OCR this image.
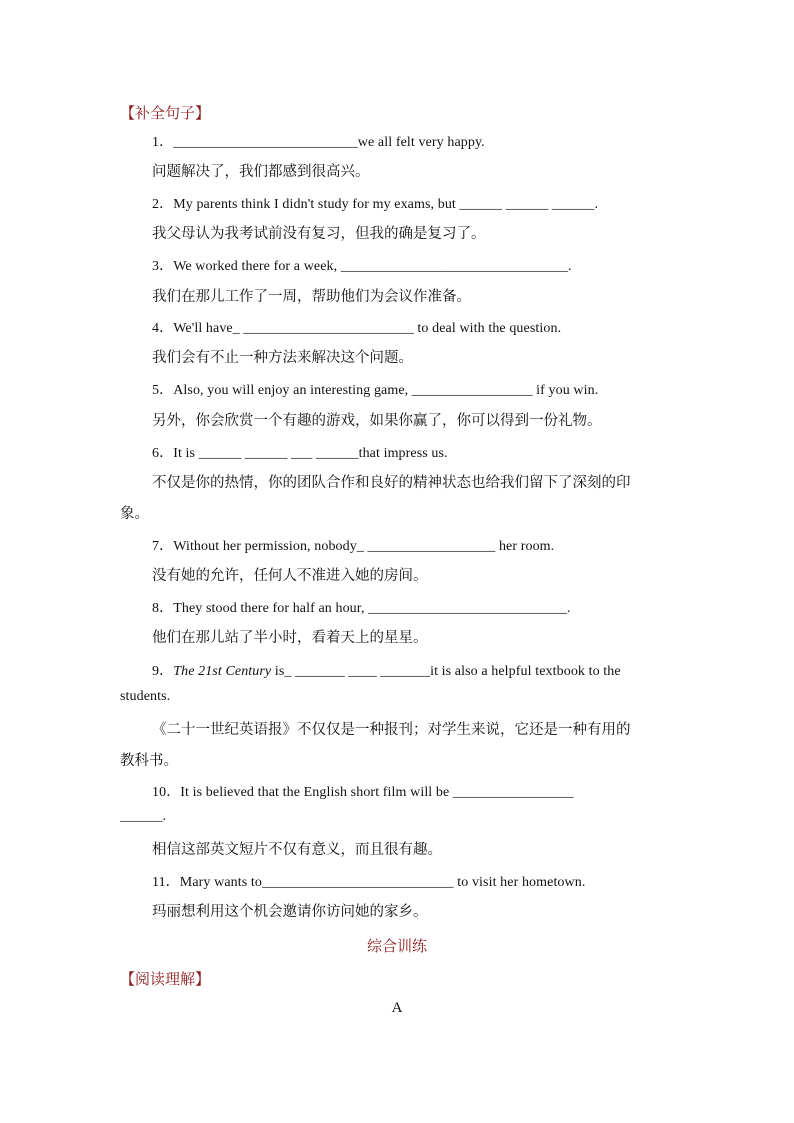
【补全句子】
1．__________________________we all felt very happy.
问题解决了，我们都感到很高兴。
2．My parents think I didn't study for my exams, but ______ ______ ______.
我父母认为我考试前没有复习，但我的确是复习了。
3．We worked there for a week, ________________________________.
我们在那儿工作了一周，帮助他们为会议作准备。
4．We'll have_ ________________________ to deal with the question.
我们会有不止一种方法来解决这个问题。
5．Also, you will enjoy an interesting game, _________________ if you win.
另外，你会欣赏一个有趣的游戏，如果你赢了，你可以得到一份礼物。
6．It is ______ ______ ___ ______that impress us.
不仅是你的热情，你的团队合作和良好的精神状态也给我们留下了深刻的印
象。
7．Without her permission, nobody_ __________________ her room.
没有她的允许，任何人不准进入她的房间。
8．They stood there for half an hour, ____________________________.
他们在那儿站了半小时，看着天上的星星。
9．The 21st Century is_ _______ ____ _______it is also a helpful textbook to the
students.
《二十一世纪英语报》不仅仅是一种报刊；对学生来说，它还是一种有用的
教科书。
10．It is believed that the English short film will be _________________
______.
相信这部英文短片不仅有意义，而且很有趣。
11．Mary wants to___________________________ to visit her hometown.
玛丽想利用这个机会邀请你访问她的家乡。
综合训练
【阅读理解】
A
